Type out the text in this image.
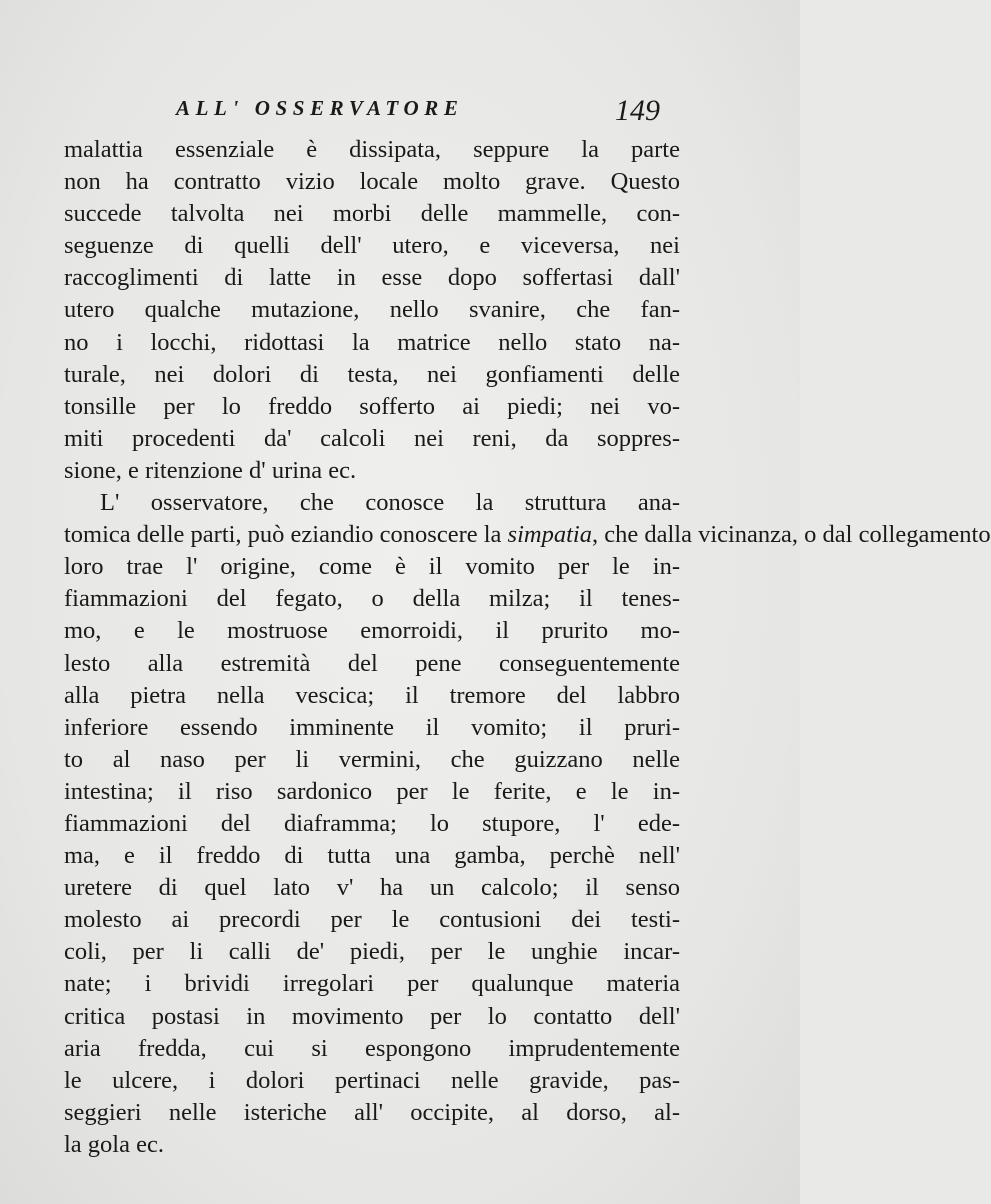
ALL' OSSERVATORE	149
malattia essenziale è dissipata, seppure la parte
non ha contratto vizio locale molto grave. Questo
succede talvolta nei morbi delle mammelle, con-
seguenze di quelli dell' utero, e viceversa, nei
raccoglimenti di latte in esse dopo soffertasi dall'
utero qualche mutazione, nello svanire, che fan-
no i locchi, ridottasi la matrice nello stato na-
turale, nei dolori di testa, nei gonfiamenti delle
tonsille per lo freddo sofferto ai piedi; nei vo-
miti procedenti da' calcoli nei reni, da soppres-
sione, e ritenzione d' urina ec.
L' osservatore, che conosce la struttura ana-
tomica delle parti, può eziandio conoscere la simpatia, che dalla vicinanza, o dal collegamento
loro trae l' origine, come è il vomito per le in-
fiammazioni del fegato, o della milza; il tenes-
mo, e le mostruose emorroidi, il prurito mo-
lesto alla estremità del pene conseguentemente
alla pietra nella vescica; il tremore del labbro
inferiore essendo imminente il vomito; il pruri-
to al naso per li vermini, che guizzano nelle
intestina; il riso sardonico per le ferite, e le in-
fiammazioni del diaframma; lo stupore, l' ede-
ma, e il freddo di tutta una gamba, perchè nell'
uretere di quel lato v' ha un calcolo; il senso
molesto ai precordi per le contusioni dei testi-
coli, per li calli de' piedi, per le unghie incar-
nate; i brividi irregolari per qualunque materia
critica postasi in movimento per lo contatto dell'
aria fredda, cui si espongono imprudentemente
le ulcere, i dolori pertinaci nelle gravide, pas-
seggieri nelle isteriche all' occipite, al dorso, al-
la gola ec.
